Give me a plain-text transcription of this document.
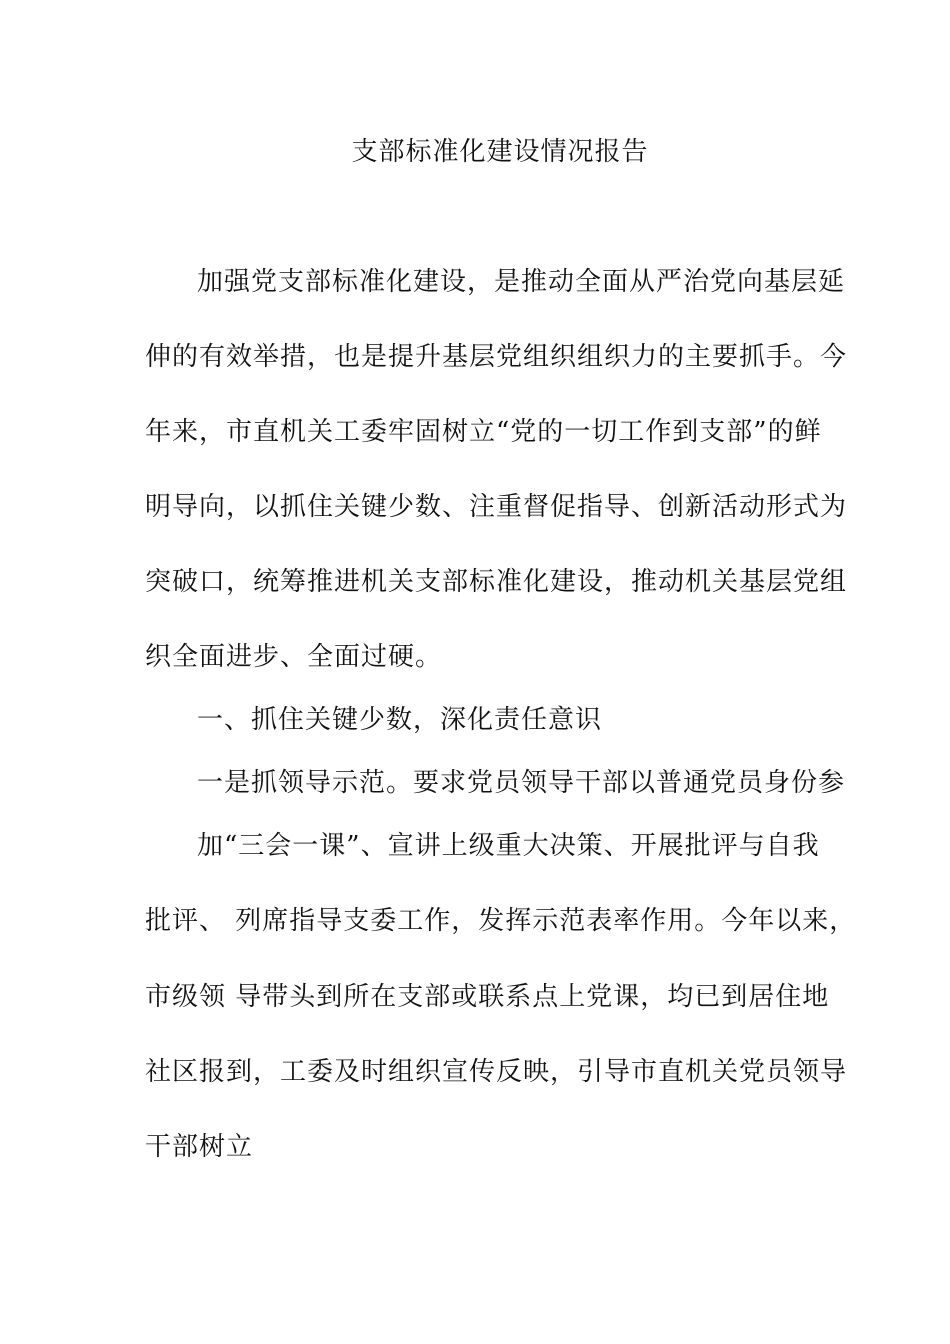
支部标准化建设情况报告
加强党支部标准化建设，是推动全面从严治党向基层延
伸的有效举措，也是提升基层党组织组织力的主要抓手。今
年来，市直机关工委牢固树立“党的一切工作到支部”的鲜
明导向，以抓住关键少数、注重督促指导、创新活动形式为
突破口，统筹推进机关支部标准化建设，推动机关基层党组
织全面进步、全面过硬。
一、抓住关键少数，深化责任意识
一是抓领导示范。要求党员领导干部以普通党员身份参
加“三会一课”、宣讲上级重大决策、开展批评与自我
批评、 列席指导支委工作，发挥示范表率作用。今年以来，
市级领 导带头到所在支部或联系点上党课，均已到居住地
社区报到，工委及时组织宣传反映，引导市直机关党员领导
干部树立
